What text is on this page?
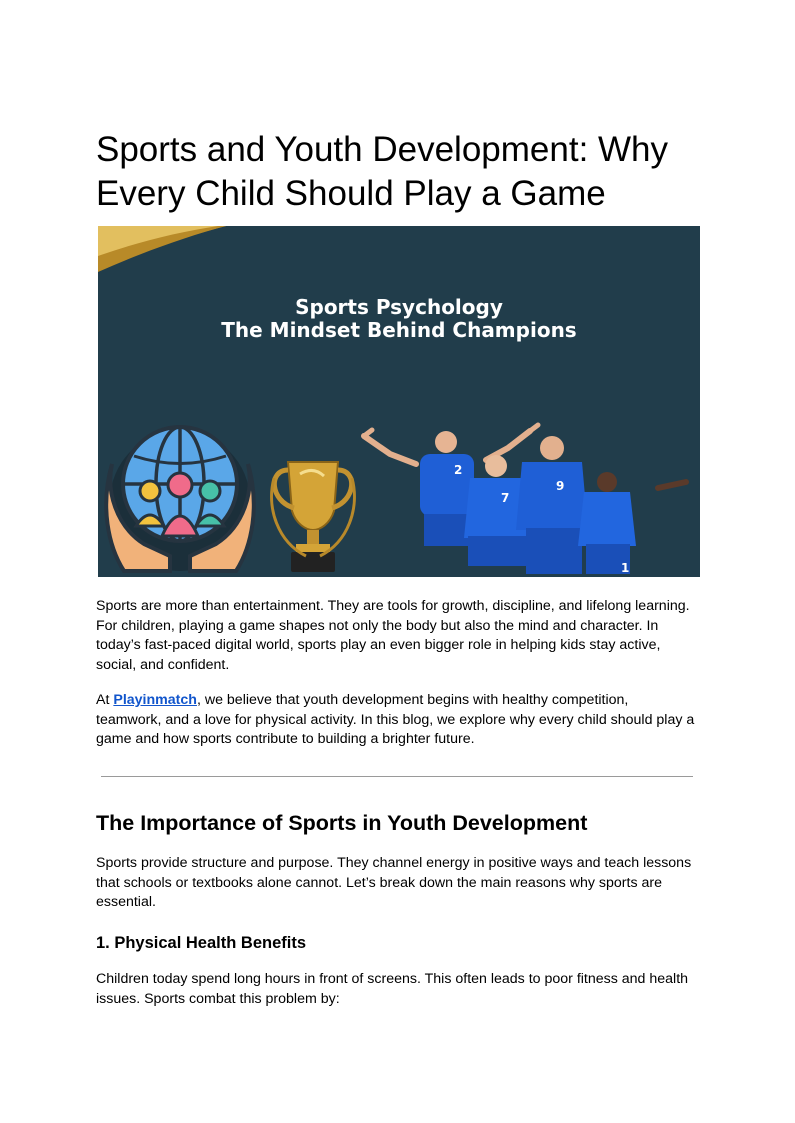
Sports and Youth Development: Why Every Child Should Play a Game
2
7
9
1
Sports Psychology
The Mindset Behind Champions

Sports are more than entertainment. They are tools for growth, discipline, and lifelong learning. For children, playing a game shapes not only the body but also the mind and character. In today’s fast-paced digital world, sports play an even bigger role in helping kids stay active, social, and confident.

At Playinmatch, we believe that youth development begins with healthy competition, teamwork, and a love for physical activity. In this blog, we explore why every child should play a game and how sports contribute to building a brighter future.

The Importance of Sports in Youth Development

Sports provide structure and purpose. They channel energy in positive ways and teach lessons that schools or textbooks alone cannot. Let’s break down the main reasons why sports are essential.

1. Physical Health Benefits

Children today spend long hours in front of screens. This often leads to poor fitness and health issues. Sports combat this problem by:
